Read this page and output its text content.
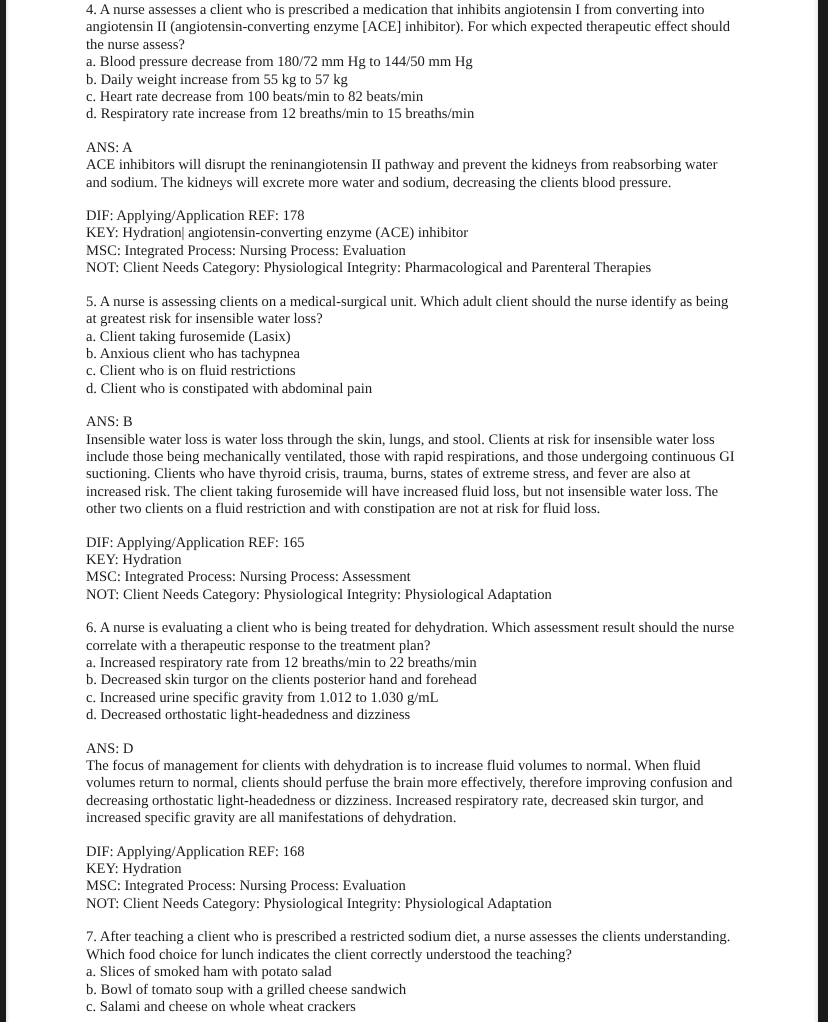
4. A nurse assesses a client who is prescribed a medication that inhibits angiotensin I from converting into

angiotensin II (angiotensin-converting enzyme [ACE] inhibitor). For which expected therapeutic effect should

the nurse assess?

a. Blood pressure decrease from 180/72 mm Hg to 144/50 mm Hg

b. Daily weight increase from 55 kg to 57 kg

c. Heart rate decrease from 100 beats/min to 82 beats/min

d. Respiratory rate increase from 12 breaths/min to 15 breaths/min

ANS: A

ACE inhibitors will disrupt the reninangiotensin II pathway and prevent the kidneys from reabsorbing water

and sodium. The kidneys will excrete more water and sodium, decreasing the clients blood pressure.

DIF: Applying/Application REF: 178

KEY: Hydration| angiotensin-converting enzyme (ACE) inhibitor

MSC: Integrated Process: Nursing Process: Evaluation

NOT: Client Needs Category: Physiological Integrity: Pharmacological and Parenteral Therapies

5. A nurse is assessing clients on a medical-surgical unit. Which adult client should the nurse identify as being

at greatest risk for insensible water loss?

a. Client taking furosemide (Lasix)

b. Anxious client who has tachypnea

c. Client who is on fluid restrictions

d. Client who is constipated with abdominal pain

ANS: B

Insensible water loss is water loss through the skin, lungs, and stool. Clients at risk for insensible water loss

include those being mechanically ventilated, those with rapid respirations, and those undergoing continuous GI

suctioning. Clients who have thyroid crisis, trauma, burns, states of extreme stress, and fever are also at

increased risk. The client taking furosemide will have increased fluid loss, but not insensible water loss. The

other two clients on a fluid restriction and with constipation are not at risk for fluid loss.

DIF: Applying/Application REF: 165

KEY: Hydration

MSC: Integrated Process: Nursing Process: Assessment

NOT: Client Needs Category: Physiological Integrity: Physiological Adaptation

6. A nurse is evaluating a client who is being treated for dehydration. Which assessment result should the nurse

correlate with a therapeutic response to the treatment plan?

a. Increased respiratory rate from 12 breaths/min to 22 breaths/min

b. Decreased skin turgor on the clients posterior hand and forehead

c. Increased urine specific gravity from 1.012 to 1.030 g/mL

d. Decreased orthostatic light-headedness and dizziness

ANS: D

The focus of management for clients with dehydration is to increase fluid volumes to normal. When fluid

volumes return to normal, clients should perfuse the brain more effectively, therefore improving confusion and

decreasing orthostatic light-headedness or dizziness. Increased respiratory rate, decreased skin turgor, and

increased specific gravity are all manifestations of dehydration.

DIF: Applying/Application REF: 168

KEY: Hydration

MSC: Integrated Process: Nursing Process: Evaluation

NOT: Client Needs Category: Physiological Integrity: Physiological Adaptation

7. After teaching a client who is prescribed a restricted sodium diet, a nurse assesses the clients understanding.

Which food choice for lunch indicates the client correctly understood the teaching?

a. Slices of smoked ham with potato salad

b. Bowl of tomato soup with a grilled cheese sandwich

c. Salami and cheese on whole wheat crackers
